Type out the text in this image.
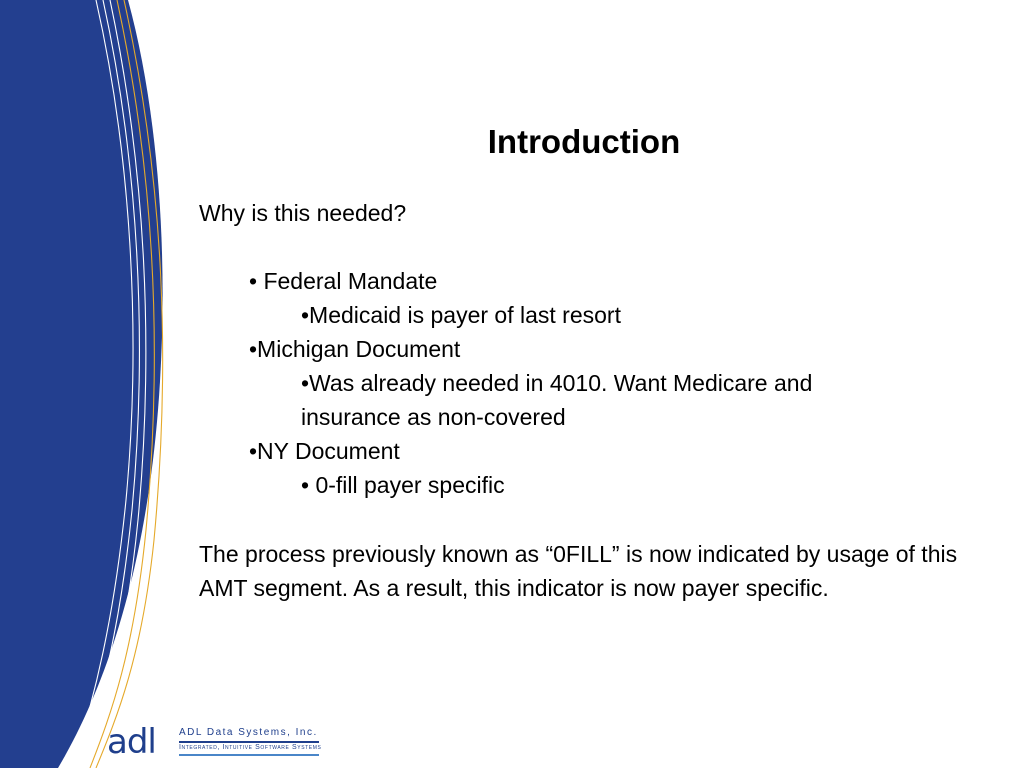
Introduction
Why is this needed?
• Federal Mandate
•Medicaid is payer of last resort
•Michigan Document
•Was already needed in 4010. Want Medicare and
insurance as non-covered
•NY Document
• 0-fill payer specific
The process previously known as “0FILL” is now indicated by usage of this AMT segment. As a result, this indicator is now payer specific.
adl ADL Data Systems, Inc.
Integrated, Intuitive Software Systems
